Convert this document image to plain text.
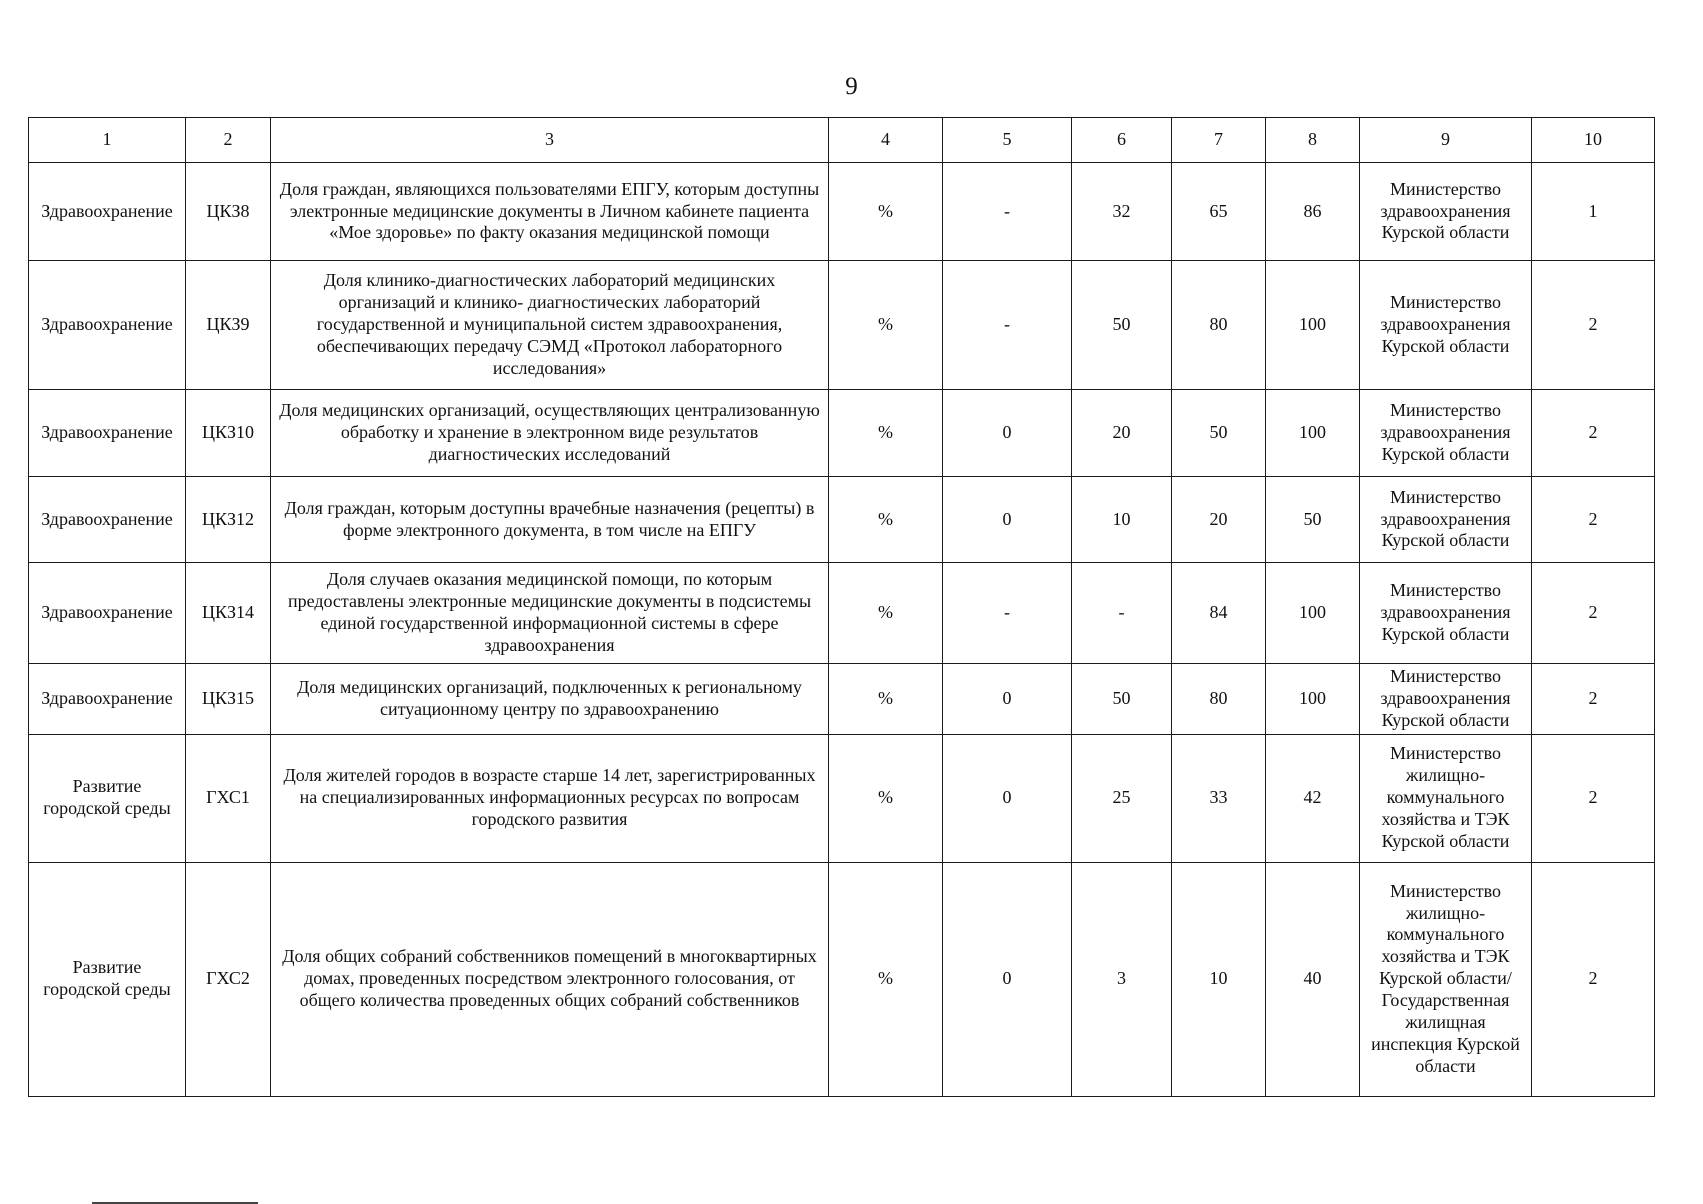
9
1	2	3	4	5	6	7	8	9	10
Здравоохранение	ЦКЗ8	Доля граждан, являющихся пользователями ЕПГУ, которым доступны электронные медицинские документы в Личном кабинете пациента «Мое здоровье» по факту оказания медицинской помощи	%	-	32	65	86	Министерство здравоохранения Курской области	1
Здравоохранение	ЦКЗ9	Доля клинико-диагностических лабораторий медицинских организаций и клинико- диагностических лабораторий государственной и муниципальной систем здравоохранения, обеспечивающих передачу СЭМД «Протокол лабораторного исследования»	%	-	50	80	100	Министерство здравоохранения Курской области	2
Здравоохранение	ЦКЗ10	Доля медицинских организаций, осуществляющих централизованную обработку и хранение в электронном виде результатов диагностических исследований	%	0	20	50	100	Министерство здравоохранения Курской области	2
Здравоохранение	ЦКЗ12	Доля граждан, которым доступны врачебные назначения (рецепты) в форме электронного документа, в том числе на ЕПГУ	%	0	10	20	50	Министерство здравоохранения Курской области	2
Здравоохранение	ЦКЗ14	Доля случаев оказания медицинской помощи, по которым предоставлены электронные медицинские документы в подсистемы единой государственной информационной системы в сфере здравоохранения	%	-	-	84	100	Министерство здравоохранения Курской области	2
Здравоохранение	ЦКЗ15	Доля медицинских организаций, подключенных к региональному ситуационному центру по здравоохранению	%	0	50	80	100	Министерство здравоохранения Курской области	2
Развитие городской среды	ГХС1	Доля жителей городов в возрасте старше 14 лет, зарегистрированных на специализированных информационных ресурсах по вопросам городского развития	%	0	25	33	42	Министерство жилищно-коммунального хозяйства и ТЭК Курской области	2
Развитие городской среды	ГХС2	Доля общих собраний собственников помещений в многоквартирных домах, проведенных посредством электронного голосования, от общего количества проведенных общих собраний собственников	%	0	3	10	40	Министерство жилищно-коммунального хозяйства и ТЭК Курской области/Государственная жилищная инспекция Курской области	2
